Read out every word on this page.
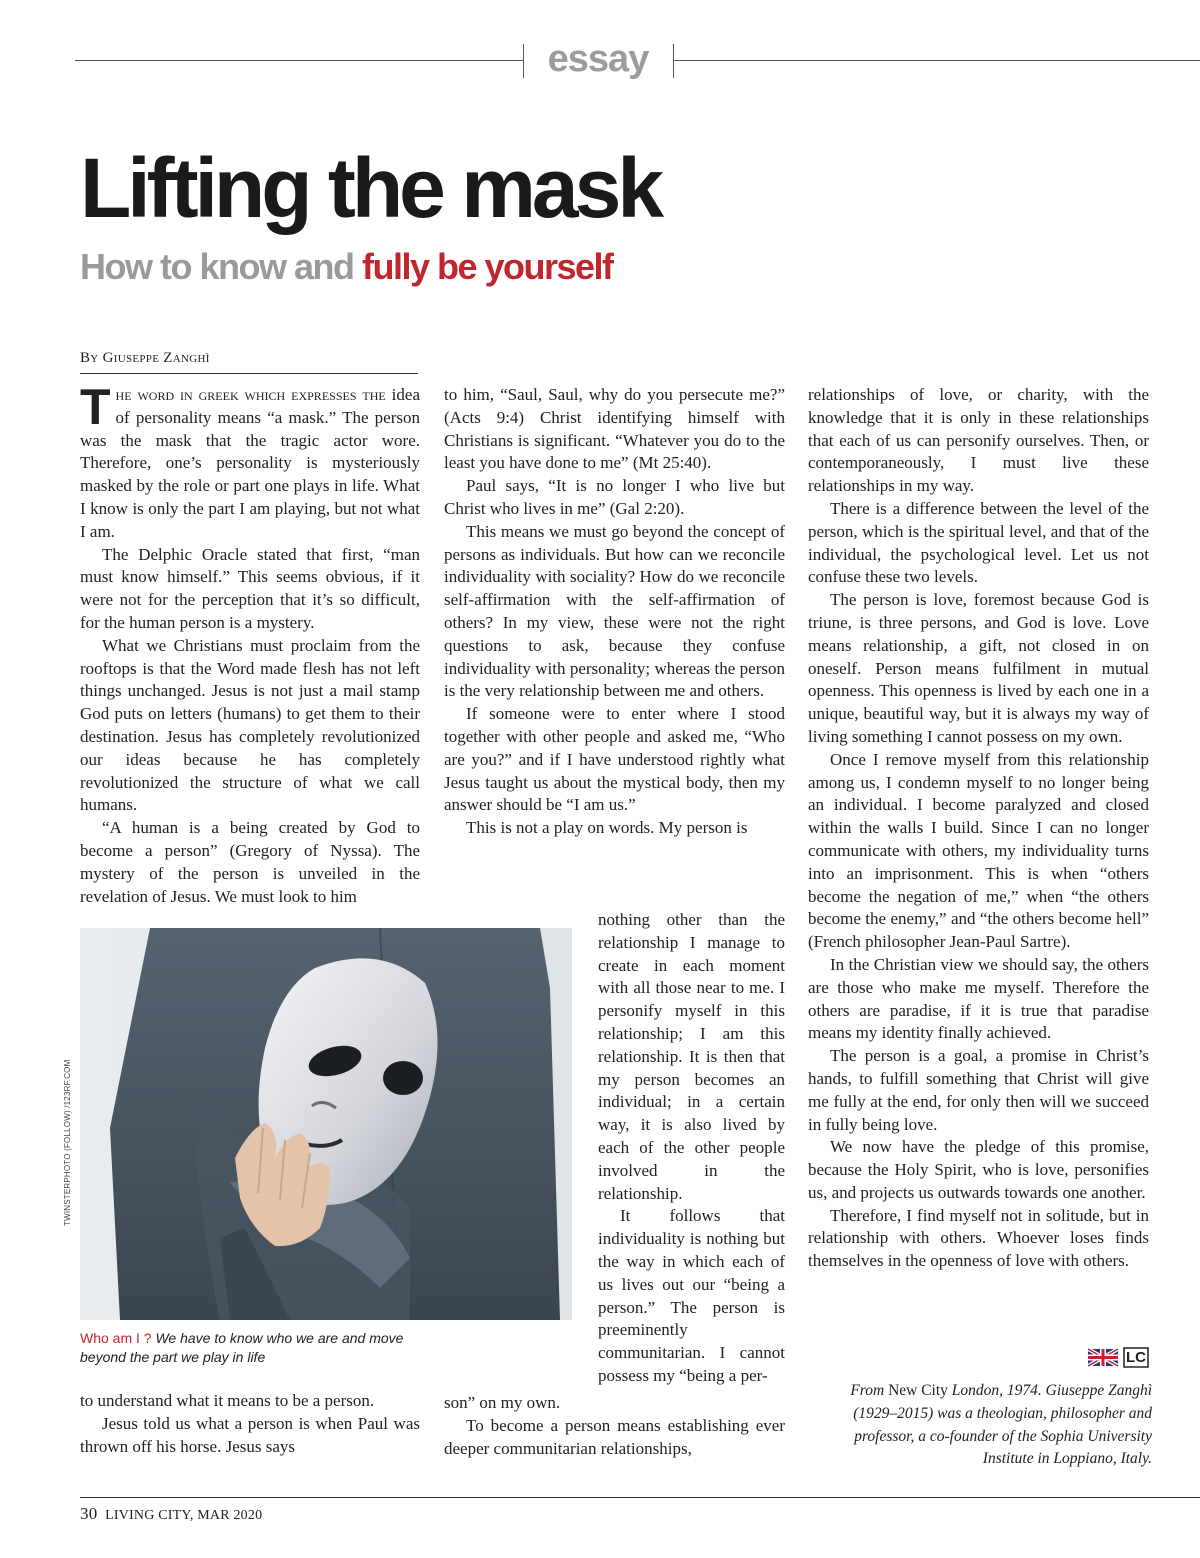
essay
Lifting the mask
How to know and fully be yourself
By Giuseppe Zanghì

The word in greek which expresses the idea of personality means “a mask.” The person was the mask that the tragic actor wore. Therefore, one’s personality is mysteriously masked by the role or part one plays in life. What I know is only the part I am playing, but not what I am.

The Delphic Oracle stated that first, “man must know himself.” This seems obvious, if it were not for the perception that it’s so difficult, for the human person is a mystery.

What we Christians must proclaim from the rooftops is that the Word made flesh has not left things unchanged. Jesus is not just a mail stamp God puts on letters (humans) to get them to their destination. Jesus has completely revolutionized our ideas because he has completely revolutionized the structure of what we call humans.

“A human is a being created by God to become a person” (Gregory of Nyssa). The mystery of the person is unveiled in the revelation of Jesus. We must look to him

TWINSTERPHOTO (FOLLOW) /123RF.COM
Who am I ? We have to know who we are and move beyond the part we play in life

to understand what it means to be a person.

Jesus told us what a person is when Paul was thrown off his horse. Jesus says

to him, “Saul, Saul, why do you persecute me?” (Acts 9:4) Christ identifying himself with Christians is significant. “Whatever you do to the least you have done to me” (Mt 25:40).

Paul says, “It is no longer I who live but Christ who lives in me” (Gal 2:20).

This means we must go beyond the concept of persons as individuals. But how can we reconcile individuality with sociality? How do we reconcile self-affirmation with the self-affirmation of others? In my view, these were not the right questions to ask, because they confuse individuality with personality; whereas the person is the very relationship between me and others.

If someone were to enter where I stood together with other people and asked me, “Who are you?” and if I have understood rightly what Jesus taught us about the mystical body, then my answer should be “I am us.”

This is not a play on words. My person is

nothing other than the relationship I manage to create in each moment with all those near to me. I personify myself in this relationship; I am this relationship. It is then that my person becomes an individual; in a certain way, it is also lived by each of the other people involved in the relationship.

It follows that individuality is nothing but the way in which each of us lives out our “being a person.” The person is preeminently communitarian. I cannot possess my “being a per-

son” on my own.

To become a person means establishing ever deeper communitarian relationships,

relationships of love, or charity, with the knowledge that it is only in these relationships that each of us can personify ourselves. Then, or contemporaneously, I must live these relationships in my way.

There is a difference between the level of the person, which is the spiritual level, and that of the individual, the psychological level. Let us not confuse these two levels.

The person is love, foremost because God is triune, is three persons, and God is love. Love means relationship, a gift, not closed in on oneself. Person means fulfilment in mutual openness. This openness is lived by each one in a unique, beautiful way, but it is always my way of living something I cannot possess on my own.

Once I remove myself from this relationship among us, I condemn myself to no longer being an individual. I become paralyzed and closed within the walls I build. Since I can no longer communicate with others, my individuality turns into an imprisonment. This is when “others become the negation of me,” when “the others become the enemy,” and “the others become hell” (French philosopher Jean-Paul Sartre).

In the Christian view we should say, the others are those who make me myself. Therefore the others are paradise, if it is true that paradise means my identity finally achieved.

The person is a goal, a promise in Christ’s hands, to fulfill something that Christ will give me fully at the end, for only then will we succeed in fully being love.

We now have the pledge of this promise, because the Holy Spirit, who is love, personifies us, and projects us outwards towards one another.

Therefore, I find myself not in solitude, but in relationship with others. Whoever loses finds themselves in the openness of love with others.

LC
From New City London, 1974. Giuseppe Zanghì (1929–2015) was a theologian, philosopher and professor, a co-founder of the Sophia University Institute in Loppiano, Italy.
30 LIVING CITY, MAR 2020
